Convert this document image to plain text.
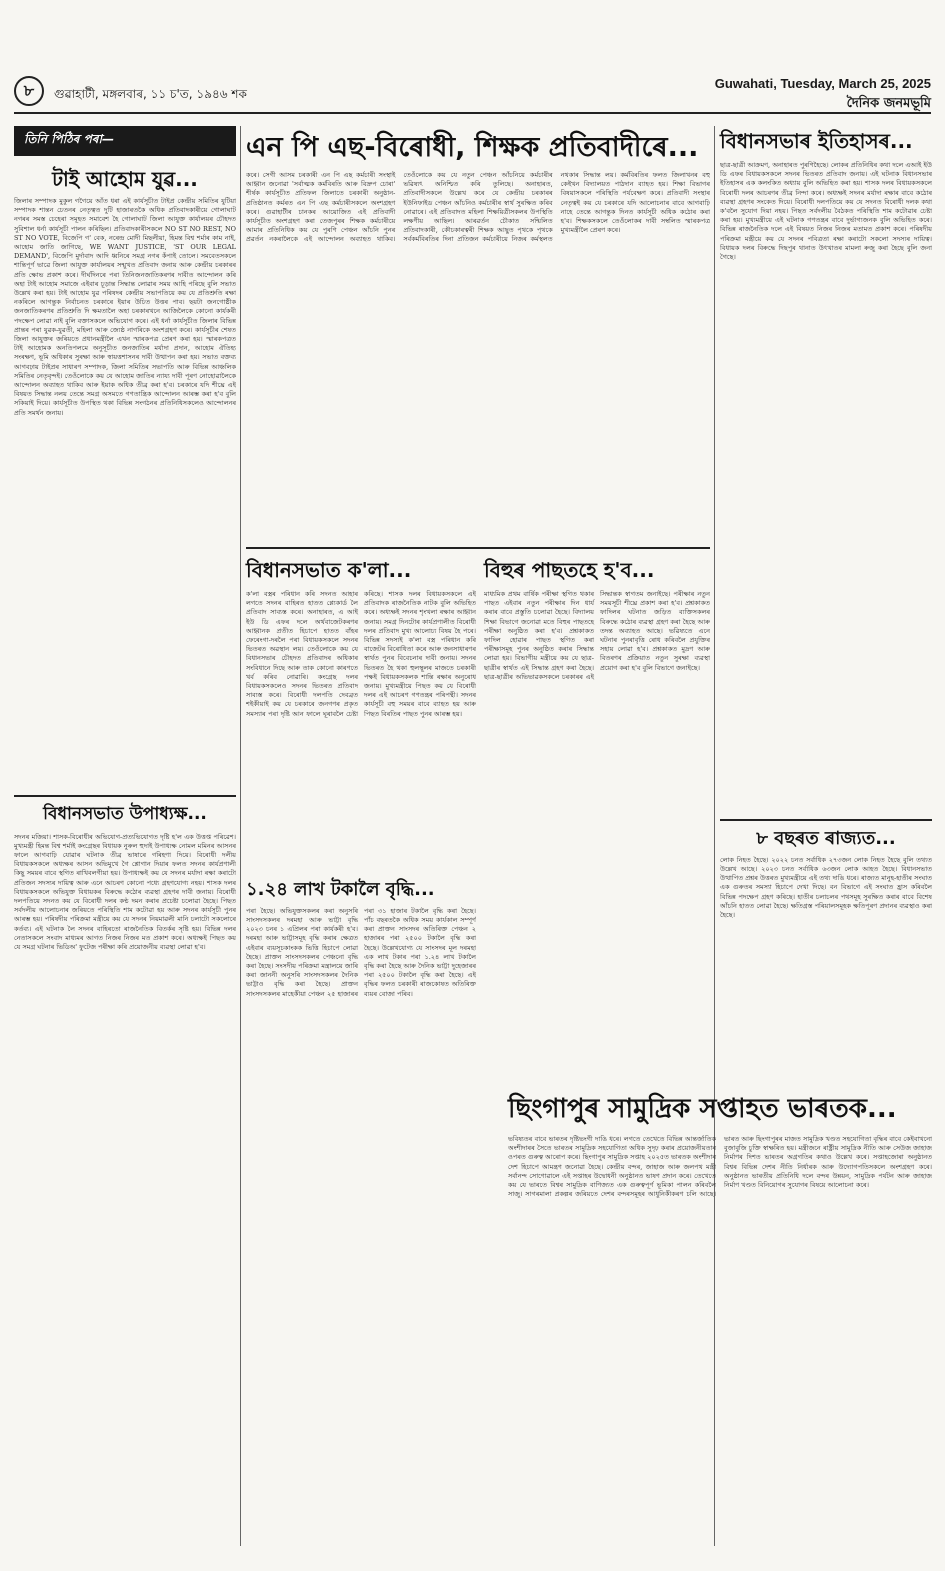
৮	গুৱাহাটী, মঙ্গলবাৰ, ১১ চ'ত, ১৯৪৬ শক
Guwahati, Tuesday, March 25, 2025
দৈনিক জনমভূমি
তিনি পিঠিৰ পৰা—
টাই আহোম যুৱ...
জিলাৰ সম্পাদক মুকুল গগৈয়ে আঁত ধৰা এই কাৰ্যসূচীত টাইপ্ৰ কেন্দ্ৰীয় সমিতিৰ যুটিয়া সম্পাদক শান্তন চেতনৰ নেতৃত্বত দুটি হাজাৰতকৈ অধিক প্ৰতিবাদকাৰীয়ে গোলাঘাট নগৰৰ সমস্ত চেহেৰা সমূহত সমাবেশ হৈ গোলাঘাট জিলা আযুক্ত কাৰ্যালয়ৰ চৌহদত সুবিশাল ধৰ্না কাৰ্যসূচী পালন কৰিছিল। প্ৰতিবাদকাৰীসকলে NO ST NO REST, NO ST NO VOTE, বিজেপি গ' বেক, নৰেন্দ্ৰ মোদী মিছলীয়া, হিমন্ত বিশ্ব শৰ্মাৰ কাম নাই, আহোম জাতি জাগিছে, WE WANT JUSTICE, 'ST OUR LEGAL DEMAND', বিজেপি মুৰ্দাবাদ আদি ধ্বনিৰে সমগ্ৰ নগৰ কঁপাই তোলে। সমবেতসকলে শান্তিপূৰ্ণ ভাৱে জিলা আযুক্ত কাৰ্যালয়ৰ সন্মুখত প্ৰতিবাদ জনায় আৰু কেন্দ্ৰীয় চৰকাৰৰ প্ৰতি ক্ষোভ প্ৰকাশ কৰে। দীৰ্ঘদিনৰে পৰা তিনিজনজাতিকৰণৰ দাবীত আন্দোলন কৰি অহা টাই আহোম সমাজে এইবাৰ চূড়ান্ত সিদ্ধান্ত লোৱাৰ সময় আহি পৰিছে বুলি সভাত উল্লেখ কৰা হয়। টাই আহোম যুৱ পৰিষদৰ কেন্দ্ৰীয় সভাপতিয়ে কয় যে প্ৰতিশ্ৰুতি ৰক্ষা নকৰিলে আগন্তুক নিৰ্বাচনত চৰকাৰে ইয়াৰ উচিত উত্তৰ পাব। ছয়টা জনগোষ্ঠীক জনজাতিকৰণৰ প্ৰতিশ্ৰুতি দি ক্ষমতালৈ অহা চৰকাৰখনে আজিলৈকে কোনো কাৰ্যকৰী পদক্ষেপ লোৱা নাই বুলি বক্তাসকলে অভিযোগ কৰে। এই ধৰ্না কাৰ্যসূচীত জিলাৰ বিভিন্ন প্ৰান্তৰ পৰা যুৱক-যুৱতী, মহিলা আৰু জ্যেষ্ঠ নাগৰিকে অংশগ্ৰহণ কৰে। কাৰ্যসূচীৰ শেষত জিলা আযুক্তৰ জৰিয়তে প্ৰধানমন্ত্ৰীলৈ এখন স্মাৰকপত্ৰ প্ৰেৰণ কৰা হয়। স্মাৰকপত্ৰত টাই আহোমক অনতিপলমে অনুসূচীত জনজাতিৰ মৰ্যাদা প্ৰদান, আহোম ঐতিহ্য সংৰক্ষণ, ভূমি অধিকাৰ সুৰক্ষা আৰু স্বায়ত্তশাসনৰ দাবী উত্থাপন কৰা হয়। সভাত বক্তব্য আগবঢ়ায় টাইপ্ৰৰ সাধাৰণ সম্পাদক, জিলা সমিতিৰ সভাপতি আৰু বিভিন্ন আঞ্চলিক সমিতিৰ নেতৃবৃন্দই। তেওঁলোকে কয় যে আহোম জাতিৰ ন্যায্য দাবী পূৰণ নোহোৱালৈকে আন্দোলন অব্যাহত থাকিব আৰু ইয়াক অধিক তীব্ৰ কৰা হ'ব। চৰকাৰে যদি শীঘ্ৰে এই বিষয়ত সিদ্ধান্ত নলয় তেন্তে সমগ্ৰ অসমতে গণতান্ত্ৰিক আন্দোলন আৰম্ভ কৰা হ'ব বুলি সকিয়াই দিয়ে। কাৰ্যসূচীত উপস্থিত থকা বিভিন্ন সংগঠনৰ প্ৰতিনিধিসকলেও আন্দোলনৰ প্ৰতি সমৰ্থন জনায়।
বিধানসভাত উপাধ্যক্ষ...
সদনৰ মজিয়া। শাসক-বিৰোধীৰ অভিযোগ-প্ৰত্যভিযোগত দৃষ্টি হ'ল এক উত্তপ্ত পৰিৱেশ। মুখ্যমন্ত্ৰী হিমন্ত বিশ্ব শৰ্মাই কংগ্ৰেছৰ বিধায়ক নুৰুল হুদাই উপাধ্যক্ষ নোমল মমিনৰ আসনৰ ফালে আগবাঢ়ি যোৱাৰ ঘটনাক তীব্ৰ ভাষাৰে গৰিহণা দিয়ে। বিৰোধী দলীয় বিধায়কসকলে অধ্যক্ষৰ আসন অভিমুখে গৈ শ্লোগান দিয়াৰ ফলত সদনৰ কাৰ্যপ্ৰণালী কিছু সময়ৰ বাবে স্থগিত ৰাখিবলগীয়া হয়। উপাধ্যক্ষই কয় যে সদনৰ মৰ্যাদা ৰক্ষা কৰাটো প্ৰতিজন সদস্যৰ দায়িত্ব আৰু এনে আচৰণ কোনো পধ্যে গ্ৰহণযোগ্য নহয়। শাসক দলৰ বিধায়কসকলে অভিযুক্ত বিধায়কৰ বিৰুদ্ধে কঠোৰ ব্যৱস্থা গ্ৰহণৰ দাবী জনায়। বিৰোধী দলপতিয়ে সদনত কয় যে বিৰোধী দলৰ কণ্ঠ দমন কৰাৰ প্ৰচেষ্টা চলোৱা হৈছে। পিছত সৰ্বদলীয় আলোচনাৰ জৰিয়তে পৰিস্থিতি শাম কটোৱা হয় আৰু সদনৰ কাৰ্যসূচী পুনৰ আৰম্ভ হয়। পৰিষদীয় পৰিক্ৰমা মন্ত্ৰীয়ে কয় যে সদনৰ নিয়মাৱলী মানি চলাটো সকলোৰে কৰ্তব্য। এই ঘটনাক লৈ সদনৰ বাহিৰতো ৰাজনৈতিক বিতৰ্কৰ সৃষ্টি হয়। বিভিন্ন দলৰ নেতাসকলে সংবাদ মাধ্যমৰ আগত নিজৰ নিজৰ মত প্ৰকাশ কৰে। অধ্যক্ষই পিছত কয় যে সমগ্ৰ ঘটনাৰ ভিডিঅ' ফুটেজ পৰীক্ষা কৰি প্ৰয়োজনীয় ব্যৱস্থা লোৱা হ'ব।
এন পি এছ-বিৰোধী, শিক্ষক প্ৰতিবাদীৰে...
কৰে। সেগী আসম চৰকাৰী এন পি এছ কৰ্মচাৰী সংস্থাই আহ্বান জনোৱা 'সৰ্বাত্মক কৰ্মবিৰতি আৰু বিদ্ৰুপ চোৰা' শীৰ্ষক কাৰ্যসূচীত প্ৰতিফল জিলাতে চৰকাৰী অনুষ্ঠান-প্ৰতিষ্ঠানত কৰ্মৰত এন পি এছ কৰ্মচাৰীসকলে অংশগ্ৰহণ কৰে। গুৱাহাটীৰ চানকৰ আয়োজিত এই প্ৰতিবাদী কাৰ্যসূচীত অংশগ্ৰহণ কৰা তেজপুৰৰ শিক্ষক কৰ্মচাৰীয়ে আমাৰ প্ৰতিনিধিক কয় যে পুৰণি পেঞ্চন আঁচনি পুনৰ প্ৰৱৰ্তন নকৰালৈকে এই আন্দোলন অব্যাহত থাকিব। তেওঁলোকে কয় যে নতুন পেঞ্চন আঁচনিয়ে কৰ্মচাৰীৰ ভৱিষ্যৎ অনিশ্চিত কৰি তুলিছে। অনাহাৰত, প্ৰতিবাদীসকলে উল্লেখ কৰে যে কেন্দ্ৰীয় চৰকাৰৰ ইউনিফাইড পেঞ্চন আঁচনিও কৰ্মচাৰীৰ স্বাৰ্থ সুৰক্ষিত কৰিব নোৱাৰে। এই প্ৰতিবাদত মহিলা শিক্ষয়িত্ৰীসকলৰ উপস্থিতি লক্ষণীয় আছিল। আৰৱৰ্তন চৌকাত সন্মিলিত প্ৰতিবাদকাৰী, কৌচকাৰত্বৰী শিক্ষক আছুত পৃথকে পৃথকে সৰ্বকৰ্মবিৰতিৰ দিনা প্ৰতিজন কৰ্মচাৰীয়ে নিজৰ কৰ্মস্থলত নথকাৰ সিদ্ধান্ত লয়। কৰ্মবিৰতিৰ ফলত জিলাখনৰ বহু কেইখন বিদ্যালয়ত পাঠদান ব্যাহত হয়। শিক্ষা বিভাগৰ বিষয়াসকলে পৰিস্থিতি পৰ্যবেক্ষণ কৰে। প্ৰতিবাদী সংস্থাৰ নেতৃত্বই কয় যে চৰকাৰে যদি আলোচনাৰ বাবে আগবাঢ়ি নাহে তেন্তে আগন্তুক দিনত কাৰ্যসূচী অধিক কঠোৰ কৰা হ'ব। শিক্ষকসকলে তেওঁলোকৰ দাবী সম্বলিত স্মাৰকপত্ৰ মুখ্যমন্ত্ৰীলৈ প্ৰেৰণ কৰে।
বিধানসভাত ক'লা...
ক'লা বস্ত্ৰৰ পৰিধান কৰি সদনত আহাৰ লগতে সদনৰ বাহিৰত হাতত প্ল্যেকাৰ্ড লৈ প্ৰতিবাদ সাব্যস্ত কৰে। অনাহাৰত, এ আই ইউ ডি এফৰ দলে অৰ্থবাজেটকৰণৰ আহ্বানক প্ৰতীত হিচাপে হাতত বাঁহৰ ফেৰেংগা-দৰলৈ পৰা বিধায়কসকলে সদনৰ ভিতৰত অৱস্থান লয়। তেওঁলোকে কয় যে বিধানসভাৰ চৌহদত প্ৰতিবাদৰ অধিকাৰ সংবিধানে দিছে আৰু তাক কোনো কাৰণতে খৰ্ব কৰিব নোৱাৰি। কংগ্ৰেছ দলৰ বিধায়কসকলেও সদনৰ ভিতৰত প্ৰতিবাদ সাব্যস্ত কৰে। বিৰোধী দলপতি দেবব্ৰত শইকীয়াই কয় যে চৰকাৰে জনগণৰ প্ৰকৃত সমস্যাৰ পৰা দৃষ্টি আন ফালে ঘূৰাবলৈ চেষ্টা কৰিছে। শাসক দলৰ বিধায়কসকলে এই প্ৰতিবাদক ৰাজনৈতিক নাটক বুলি অভিহিত কৰে। অধ্যক্ষই সদনৰ শৃংখলা ৰক্ষাৰ আহ্বান জনায়। সমগ্ৰ দিনটোৰ কাৰ্যপ্ৰণালীত বিৰোধী দলৰ প্ৰতিবাদ মুখ্য আলোচ্য বিষয় হৈ পৰে। বিভিন্ন সদস্যই ক'লা বস্ত্ৰ পৰিধান কৰি বাজেটৰ বিৰোধিতা কৰে আৰু জনসাধাৰণৰ স্বাৰ্থত পুনৰ বিবেচনাৰ দাবী জনায়। সদনৰ ভিতৰত হৈ থকা হুলস্থূলৰ মাজতে চৰকাৰী পক্ষই বিধায়কসকলক শান্তি ৰক্ষাৰ অনুৰোধ জনায়। মুখ্যমন্ত্ৰীয়ে পিছত কয় যে বিৰোধী দলৰ এই আচৰণ গণতন্ত্ৰৰ পৰিপন্থী। সদনৰ কাৰ্যসূচী বহু সময়ৰ বাবে ব্যাহত হয় আৰু পিছত বিৰতিৰ পাছত পুনৰ আৰম্ভ হয়।
১.২৪ লাখ টকালৈ বৃদ্ধি...
পৰা হৈছে। অভিযুক্তসকলৰ কৰা অনুসৰি সাংসদসকলৰ দৰমহা আৰু ভাট্টা বৃদ্ধি ২০২৩ চনৰ ১ এপ্ৰিলৰ পৰা কাৰ্যকৰী হ'ব। দৰমহা আৰু ভাট্টাসমূহ বৃদ্ধি কৰাৰ ক্ষেত্ৰত এইবাৰ ব্যয়সূচকাংকক ভিত্তি হিচাপে লোৱা হৈছে। প্ৰাক্তন সাংসদসকলৰ পেঞ্চনো বৃদ্ধি কৰা হৈছে। সংসদীয় পৰিক্ৰমা মন্ত্ৰালয়ে জাৰি কৰা জাননী অনুসৰি সাংসদসকলৰ দৈনিক ভাট্টাও বৃদ্ধি কৰা হৈছে। প্ৰাক্তন সাংসদসকলৰ মাহেকীয়া পেঞ্চন ২৫ হাজাৰৰ পৰা ৩১ হাজাৰ টকালৈ বৃদ্ধি কৰা হৈছে। পাঁচ বছৰতকৈ অধিক সময় কাৰ্যকাল সম্পূৰ্ণ কৰা প্ৰাক্তন সাংসদৰ অতিৰিক্ত পেঞ্চন ২ হাজাৰৰ পৰা ২৫০০ টকালৈ বৃদ্ধি কৰা হৈছে। উল্লেখযোগ্য যে সাংসদৰ মূল দৰমহা এক লাখ টকাৰ পৰা ১.২৪ লাখ টকালৈ বৃদ্ধি কৰা হৈছে আৰু দৈনিক ভাট্টা দুহেজাৰৰ পৰা ২৫০০ টকালৈ বৃদ্ধি কৰা হৈছে। এই বৃদ্ধিৰ ফলত চৰকাৰী ৰাজকোষত অতিৰিক্ত ব্যয়ৰ বোজা পৰিব।
বিহুৰ পাছতহে হ'ব...
মাধ্যমিক প্ৰথম বাৰ্ষিক পৰীক্ষা স্থগিত থকাৰ পাছত এইবাৰ নতুন পৰীক্ষাৰ দিন ধাৰ্য কৰাৰ বাবে প্ৰস্তুতি চলোৱা হৈছে। বিদ্যালয় শিক্ষা বিভাগে জনোৱা মতে বিহুৰ পাছতহে পৰীক্ষা অনুষ্ঠিত কৰা হ'ব। প্ৰশ্নকাকত ফাদিল হোৱাৰ পাছত স্থগিত কৰা পৰীক্ষাসমূহ পুনৰ অনুষ্ঠিত কৰাৰ সিদ্ধান্ত লোৱা হয়। বিভাগীয় মন্ত্ৰীয়ে কয় যে ছাত্ৰ-ছাত্ৰীৰ স্বাৰ্থত এই সিদ্ধান্ত গ্ৰহণ কৰা হৈছে। ছাত্ৰ-ছাত্ৰীৰ অভিভাৱকসকলে চৰকাৰৰ এই সিদ্ধান্তক স্বাগতম জনাইছে। পৰীক্ষাৰ নতুন সময়সূচী শীঘ্ৰে প্ৰকাশ কৰা হ'ব। প্ৰশ্নকাকত ফাদিলৰ ঘটনাত জড়িত ব্যক্তিসকলৰ বিৰুদ্ধে কঠোৰ ব্যৱস্থা গ্ৰহণ কৰা হৈছে আৰু তদন্ত অব্যাহত আছে। ভৱিষ্যতে এনে ঘটনাৰ পুনৰাবৃত্তি ৰোধ কৰিবলৈ প্ৰযুক্তিৰ সহায় লোৱা হ'ব। প্ৰশ্নকাকত মুদ্ৰণ আৰু বিতৰণৰ প্ৰক্ৰিয়াত নতুন সুৰক্ষা ব্যৱস্থা প্ৰয়োগ কৰা হ'ব বুলি বিভাগে জনাইছে।
ছিংগাপুৰ সামুদ্ৰিক সপ্তাহত ভাৰতক...
ভবিষ্যতৰ বাবে ভাৰতৰ দৃষ্টিভংগী দাঙি ধৰে। লগতে তেখেতে বিভিন্ন আন্তৰ্জাতিক অংশীদাৰৰ সৈতে ভাৰতৰ সামুদ্ৰিক সহযোগিতা অধিক সুদৃঢ় কৰাৰ প্ৰয়োজনীয়তাৰ ওপৰত গুৰুত্ব আৰোপ কৰে। ছিংগাপুৰ সামুদ্ৰিক সপ্তাহ ২০২৫ত ভাৰতক অংশীদাৰ দেশ হিচাপে আমন্ত্ৰণ জনোৱা হৈছে। কেন্দ্ৰীয় বন্দৰ, জাহাজ আৰু জলপথ মন্ত্ৰী সৰ্বানন্দ সোণোৱালে এই সপ্তাহৰ উদ্বোধনী অনুষ্ঠানত ভাষণ প্ৰদান কৰে। তেখেতে কয় যে ভাৰতে বিশ্বৰ সামুদ্ৰিক বাণিজ্যত এক গুৰুত্বপূৰ্ণ ভূমিকা পালন কৰিবলৈ সাজু। সাগৰমালা প্ৰকল্পৰ জৰিয়তে দেশৰ বন্দৰসমূহৰ আধুনিকীকৰণ চলি আছে। ভাৰত আৰু ছিংগাপুৰৰ মাজত সামুদ্ৰিক খণ্ডত সহযোগিতা বৃদ্ধিৰ বাবে কেইবাখনো বুজাবুজি চুক্তি স্বাক্ষৰিত হয়। মন্ত্ৰীজনে ৰাষ্ট্ৰীয় সামুদ্ৰিক নীতি আৰু সেউজ জাহাজ নিৰ্মাণৰ দিশত ভাৰতৰ অগ্ৰগতিৰ কথাও উল্লেখ কৰে। সপ্তাহজোৰা অনুষ্ঠানত বিশ্বৰ বিভিন্ন দেশৰ নীতি নিৰ্ধাৰক আৰু উদ্যোগপতিসকলে অংশগ্ৰহণ কৰে। অনুষ্ঠানত ভাৰতীয় প্ৰতিনিধি দলে বন্দৰ উন্নয়ন, সামুদ্ৰিক পৰ্যটন আৰু জাহাজ নিৰ্মাণ খণ্ডত বিনিয়োগৰ সুযোগৰ বিষয়ে আলোচনা কৰে।
বিধানসভাৰ ইতিহাসৰ...
ছাত্ৰ-ছাত্ৰী আক্ৰমণ, অনাহাৰত পুৰণিহৈছে। লোকৰ প্ৰতিনিধিৰ কথা দলে এআই ইউ ডি এফৰ বিধায়কসকলে সদনৰ ভিতৰত প্ৰতিবাদ জনায়। এই ঘটনাক বিধানসভাৰ ইতিহাসৰ এক কলংকিত অধ্যায় বুলি অভিহিত কৰা হয়। শাসক দলৰ বিধায়কসকলে বিৰোধী দলৰ আচৰণৰ তীব্ৰ নিন্দা কৰে। অধ্যক্ষই সদনৰ মৰ্যাদা ৰক্ষাৰ বাবে কঠোৰ ব্যৱস্থা গ্ৰহণৰ সংকেত দিয়ে। বিৰোধী দলপতিয়ে কয় যে সদনত বিৰোধী দলক কথা ক'বলৈ সুযোগ দিয়া নহয়। পিছত সৰ্বদলীয় বৈঠকত পৰিস্থিতি শাম কটোৱাৰ চেষ্টা কৰা হয়। মুখ্যমন্ত্ৰীয়ে এই ঘটনাক গণতন্ত্ৰৰ বাবে দুৰ্ভাগ্যজনক বুলি অভিহিত কৰে। বিভিন্ন ৰাজনৈতিক দলে এই বিষয়ত নিজৰ নিজৰ মতামত প্ৰকাশ কৰে। পৰিষদীয় পৰিক্ৰমা মন্ত্ৰীয়ে কয় যে সদনৰ পবিত্ৰতা ৰক্ষা কৰাটো সকলো সদস্যৰ দায়িত্ব। বিধায়ক দলৰ বিৰুদ্ধে দিছপুৰ থানাত উৎখাতৰ মামলা ৰুজু কৰা হৈছে বুলি জনা গৈছে।
৮ বছৰত ৰাজ্যত...
লোক নিহত হৈছে। ২০২২ চনত সৰ্বাধিক ২৭৩জন লোক নিহত হৈছে বুলি তথ্যত উল্লেখ আছে। ২০২৩ চনত সৰ্বাধিক ৬৩জন লোক আহত হৈছে। বিধানসভাত উত্থাপিত প্ৰশ্নৰ উত্তৰত মুখ্যমন্ত্ৰীয়ে এই তথ্য দাঙি ধৰে। ৰাজ্যত মানুহ-হাতীৰ সংঘাত এক গুৰুতৰ সমস্যা হিচাপে দেখা দিছে। বন বিভাগে এই সংঘাত হ্ৰাস কৰিবলৈ বিভিন্ন পদক্ষেপ গ্ৰহণ কৰিছে। হাতীৰ চলাচলৰ পথসমূহ সুৰক্ষিত কৰাৰ বাবে বিশেষ আঁচনি হাতত লোৱা হৈছে। ক্ষতিগ্ৰস্ত পৰিয়ালসমূহক ক্ষতিপূৰণ প্ৰদানৰ ব্যৱস্থাও কৰা হৈছে।
